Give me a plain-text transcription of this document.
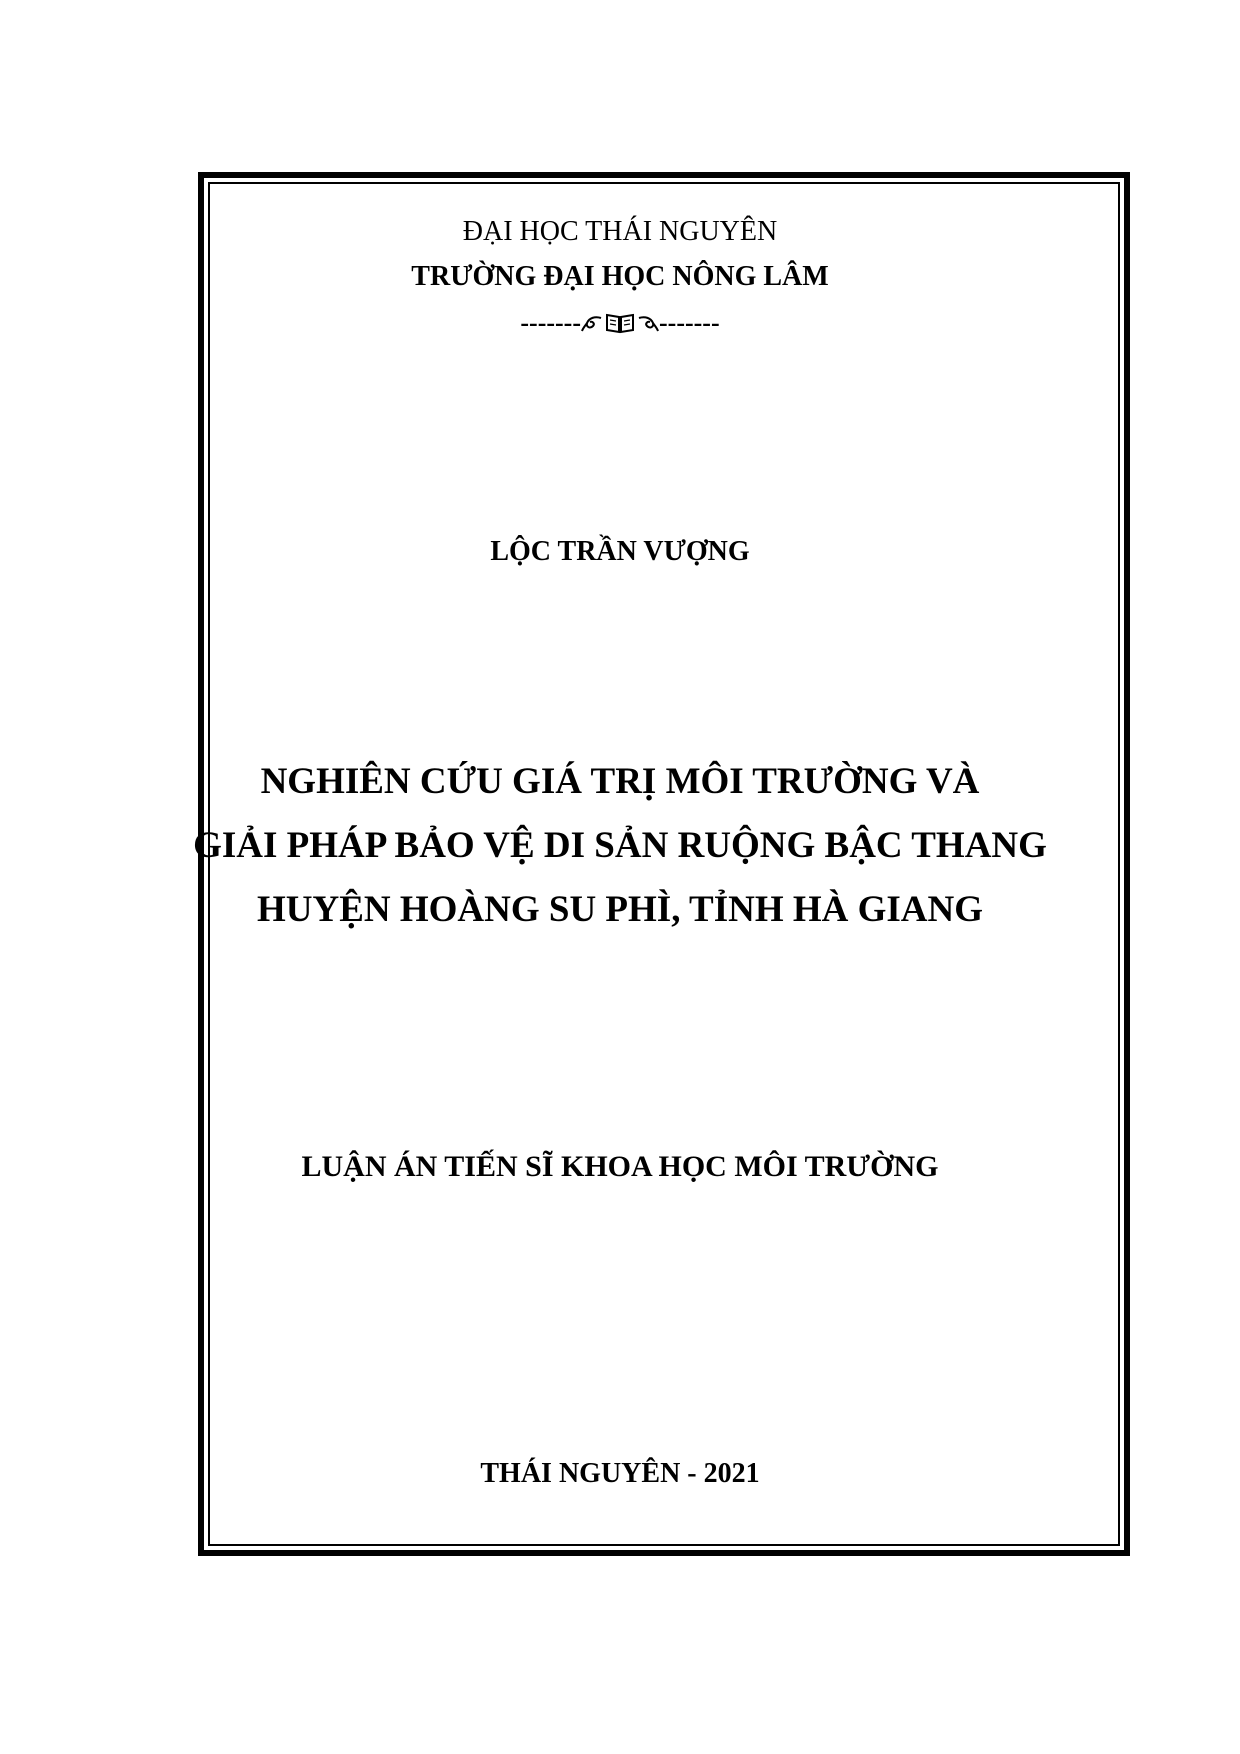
ĐẠI HỌC THÁI NGUYÊN
TRƯỜNG ĐẠI HỌC NÔNG LÂM
-------	-------
LỘC TRẦN VƯỢNG
NGHIÊN CỨU GIÁ TRỊ MÔI TRƯỜNG VÀ
GIẢI PHÁP BẢO VỆ DI SẢN RUỘNG BẬC THANG
HUYỆN HOÀNG SU PHÌ, TỈNH HÀ GIANG
LUẬN ÁN TIẾN SĨ KHOA HỌC MÔI TRƯỜNG
THÁI NGUYÊN - 2021
